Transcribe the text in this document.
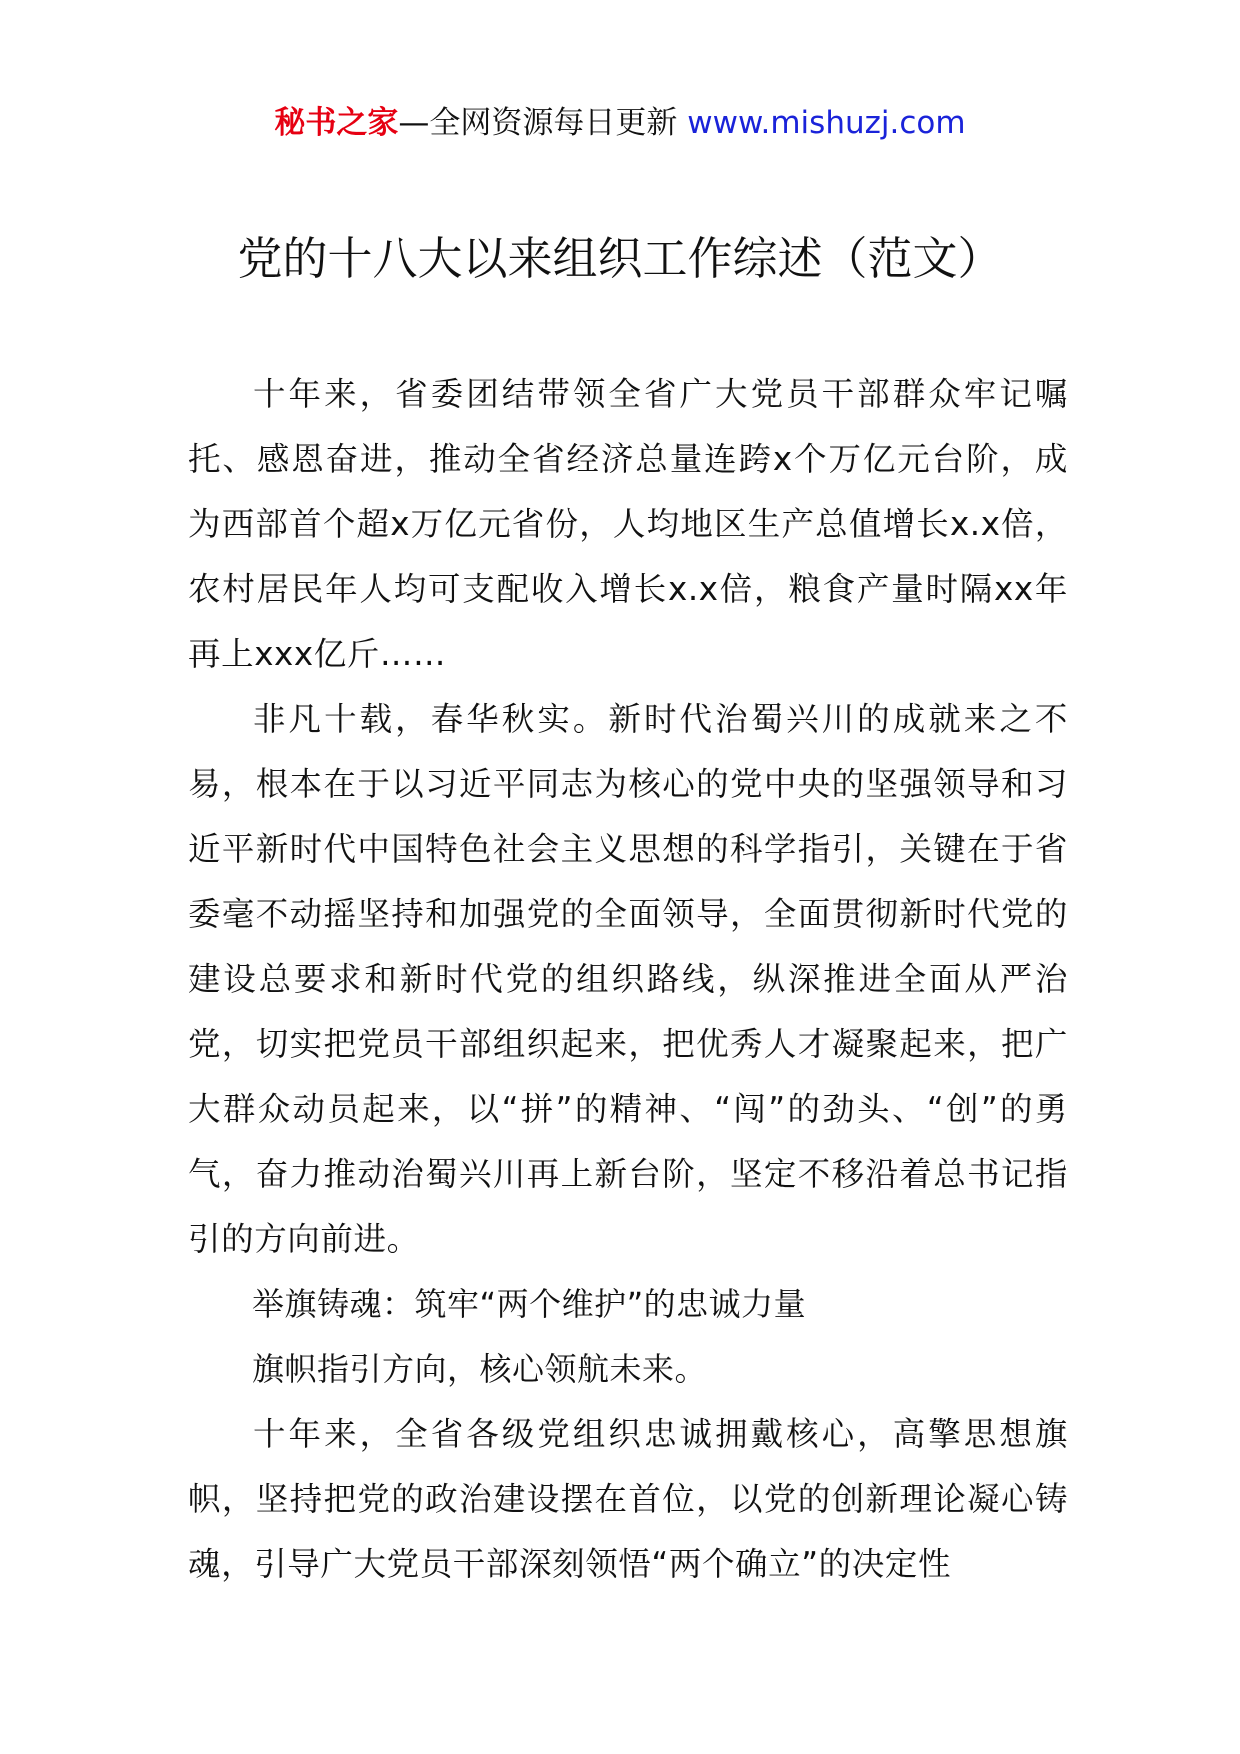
秘书之家—全网资源每日更新 www.mishuzj.com
党的十八大以来组织工作综述（范文）

十年来，省委团结带领全省广大党员干部群众牢记嘱托、感恩奋进，推动全省经济总量连跨x个万亿元台阶，成为西部首个超x万亿元省份，人均地区生产总值增长x.x倍，农村居民年人均可支配收入增长x.x倍，粮食产量时隔xx年再上xxx亿斤……

非凡十载，春华秋实。新时代治蜀兴川的成就来之不易，根本在于以习近平同志为核心的党中央的坚强领导和习近平新时代中国特色社会主义思想的科学指引，关键在于省委毫不动摇坚持和加强党的全面领导，全面贯彻新时代党的建设总要求和新时代党的组织路线，纵深推进全面从严治党，切实把党员干部组织起来，把优秀人才凝聚起来，把广大群众动员起来，以“拼”的精神、“闯”的劲头、“创”的勇气，奋力推动治蜀兴川再上新台阶，坚定不移沿着总书记指引的方向前进。

举旗铸魂：筑牢“两个维护”的忠诚力量

旗帜指引方向，核心领航未来。

十年来，全省各级党组织忠诚拥戴核心，高擎思想旗帜，坚持把党的政治建设摆在首位，以党的创新理论凝心铸魂，引导广大党员干部深刻领悟“两个确立”的决定性
